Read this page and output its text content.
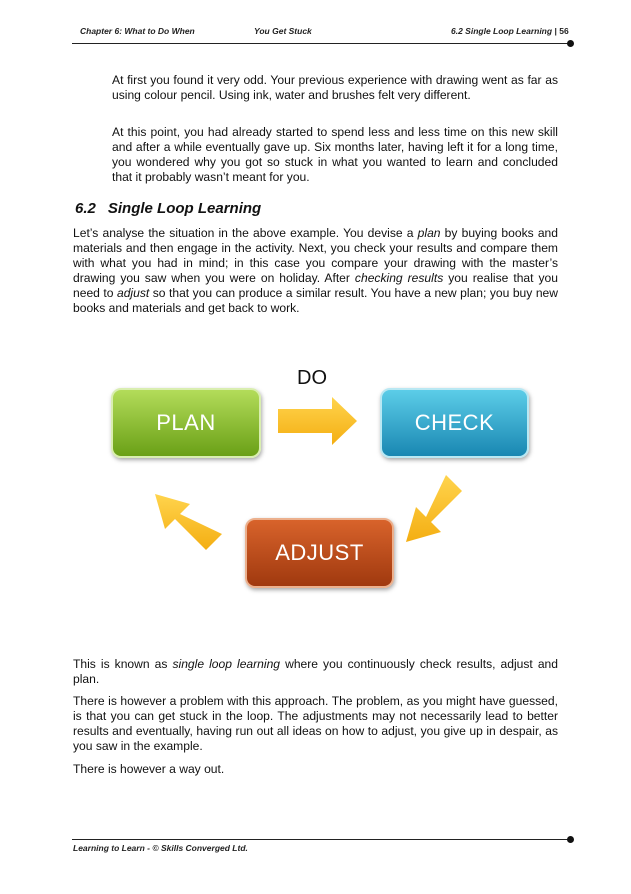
Chapter 6: What to Do When	You Get Stuck	6.2 Single Loop Learning | 56

At first you found it very odd. Your previous experience with drawing went as far as using colour pencil. Using ink, water and brushes felt very different.

At this point, you had already started to spend less and less time on this new skill and after a while eventually gave up. Six months later, having left it for a long time, you wondered why you got so stuck in what you wanted to learn and concluded that it probably wasn’t meant for you.

6.2 Single Loop Learning

Let’s analyse the situation in the above example. You devise a plan by buying books and materials and then engage in the activity. Next, you check your results and compare them with what you had in mind; in this case you compare your drawing with the master’s drawing you saw when you were on holiday. After checking results you realise that you need to adjust so that you can produce a similar result. You have a new plan; you buy new books and materials and get back to work.

PLAN
DO
CHECK
ADJUST

This is known as single loop learning where you continuously check results, adjust and plan.

There is however a problem with this approach. The problem, as you might have guessed, is that you can get stuck in the loop. The adjustments may not necessarily lead to better results and eventually, having run out all ideas on how to adjust, you give up in despair, as you saw in the example.

There is however a way out.

Learning to Learn - © Skills Converged Ltd.
